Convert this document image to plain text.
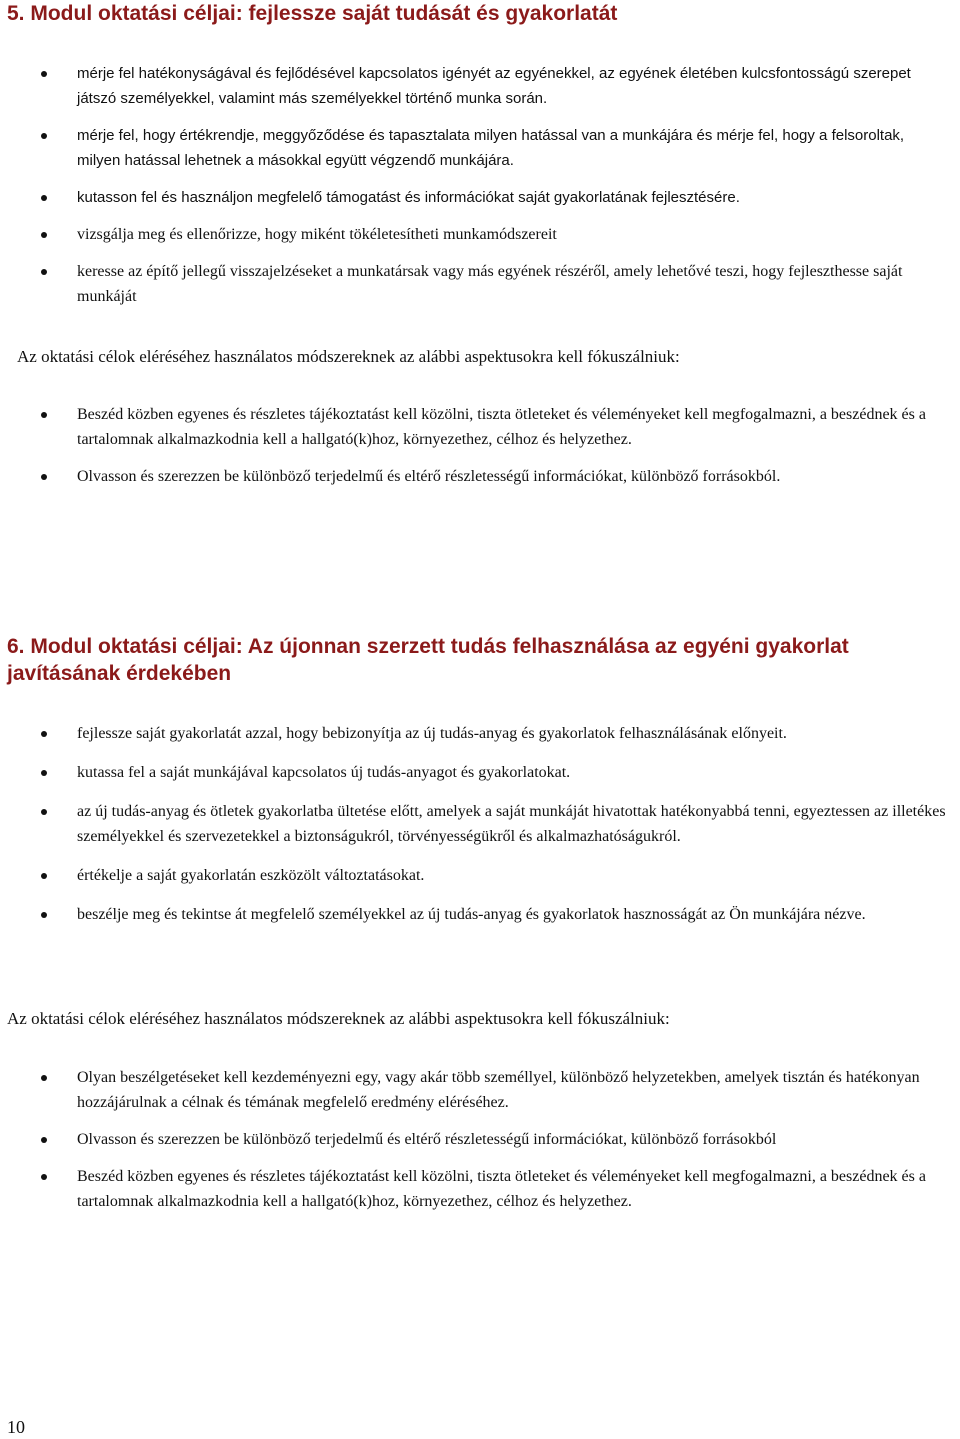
5. Modul oktatási céljai: fejlessze saját tudását és gyakorlatát
mérje fel hatékonyságával és fejlődésével kapcsolatos igényét az egyénekkel, az egyének életében kulcsfontosságú szerepet játszó személyekkel, valamint más személyekkel történő munka során.
mérje fel, hogy értékrendje, meggyőződése és tapasztalata milyen hatással van a munkájára és mérje fel, hogy a felsoroltak, milyen hatással lehetnek a másokkal együtt végzendő munkájára.
kutasson fel és használjon megfelelő támogatást és információkat saját gyakorlatának fejlesztésére.
vizsgálja meg és ellenőrizze, hogy miként tökéletesítheti munkamódszereit
keresse az építő jellegű visszajelzéseket a munkatársak vagy más egyének részéről, amely lehetővé teszi, hogy fejleszthesse saját munkáját
Az oktatási célok eléréséhez használatos módszereknek az alábbi aspektusokra kell fókuszálniuk:
Beszéd közben egyenes és részletes tájékoztatást kell közölni, tiszta ötleteket és véleményeket kell megfogalmazni, a beszédnek és a tartalomnak alkalmazkodnia kell a hallgató(k)hoz, környezethez, célhoz és helyzethez.
Olvasson és szerezzen be különböző terjedelmű és eltérő részletességű információkat, különböző forrásokból.
6. Modul oktatási céljai: Az újonnan szerzett tudás felhasználása az egyéni gyakorlat javításának érdekében
fejlessze saját gyakorlatát azzal, hogy bebizonyítja az új tudás-anyag és gyakorlatok felhasználásának előnyeit.
kutassa fel a saját munkájával kapcsolatos új tudás-anyagot és gyakorlatokat.
az új tudás-anyag és ötletek gyakorlatba ültetése előtt, amelyek a saját munkáját hivatottak hatékonyabbá tenni, egyeztessen az illetékes személyekkel és szervezetekkel a biztonságukról, törvényességükről és alkalmazhatóságukról.
értékelje a saját gyakorlatán eszközölt változtatásokat.
beszélje meg és tekintse át megfelelő személyekkel az új tudás-anyag és gyakorlatok hasznosságát az Ön munkájára nézve.
Az oktatási célok eléréséhez használatos módszereknek az alábbi aspektusokra kell fókuszálniuk:
Olyan beszélgetéseket kell kezdeményezni egy, vagy akár több személlyel, különböző helyzetekben, amelyek tisztán és hatékonyan hozzájárulnak a célnak és témának megfelelő eredmény eléréséhez.
Olvasson és szerezzen be különböző terjedelmű és eltérő részletességű információkat, különböző forrásokból
Beszéd közben egyenes és részletes tájékoztatást kell közölni, tiszta ötleteket és véleményeket kell megfogalmazni, a beszédnek és a tartalomnak alkalmazkodnia kell a hallgató(k)hoz, környezethez, célhoz és helyzethez.
10
